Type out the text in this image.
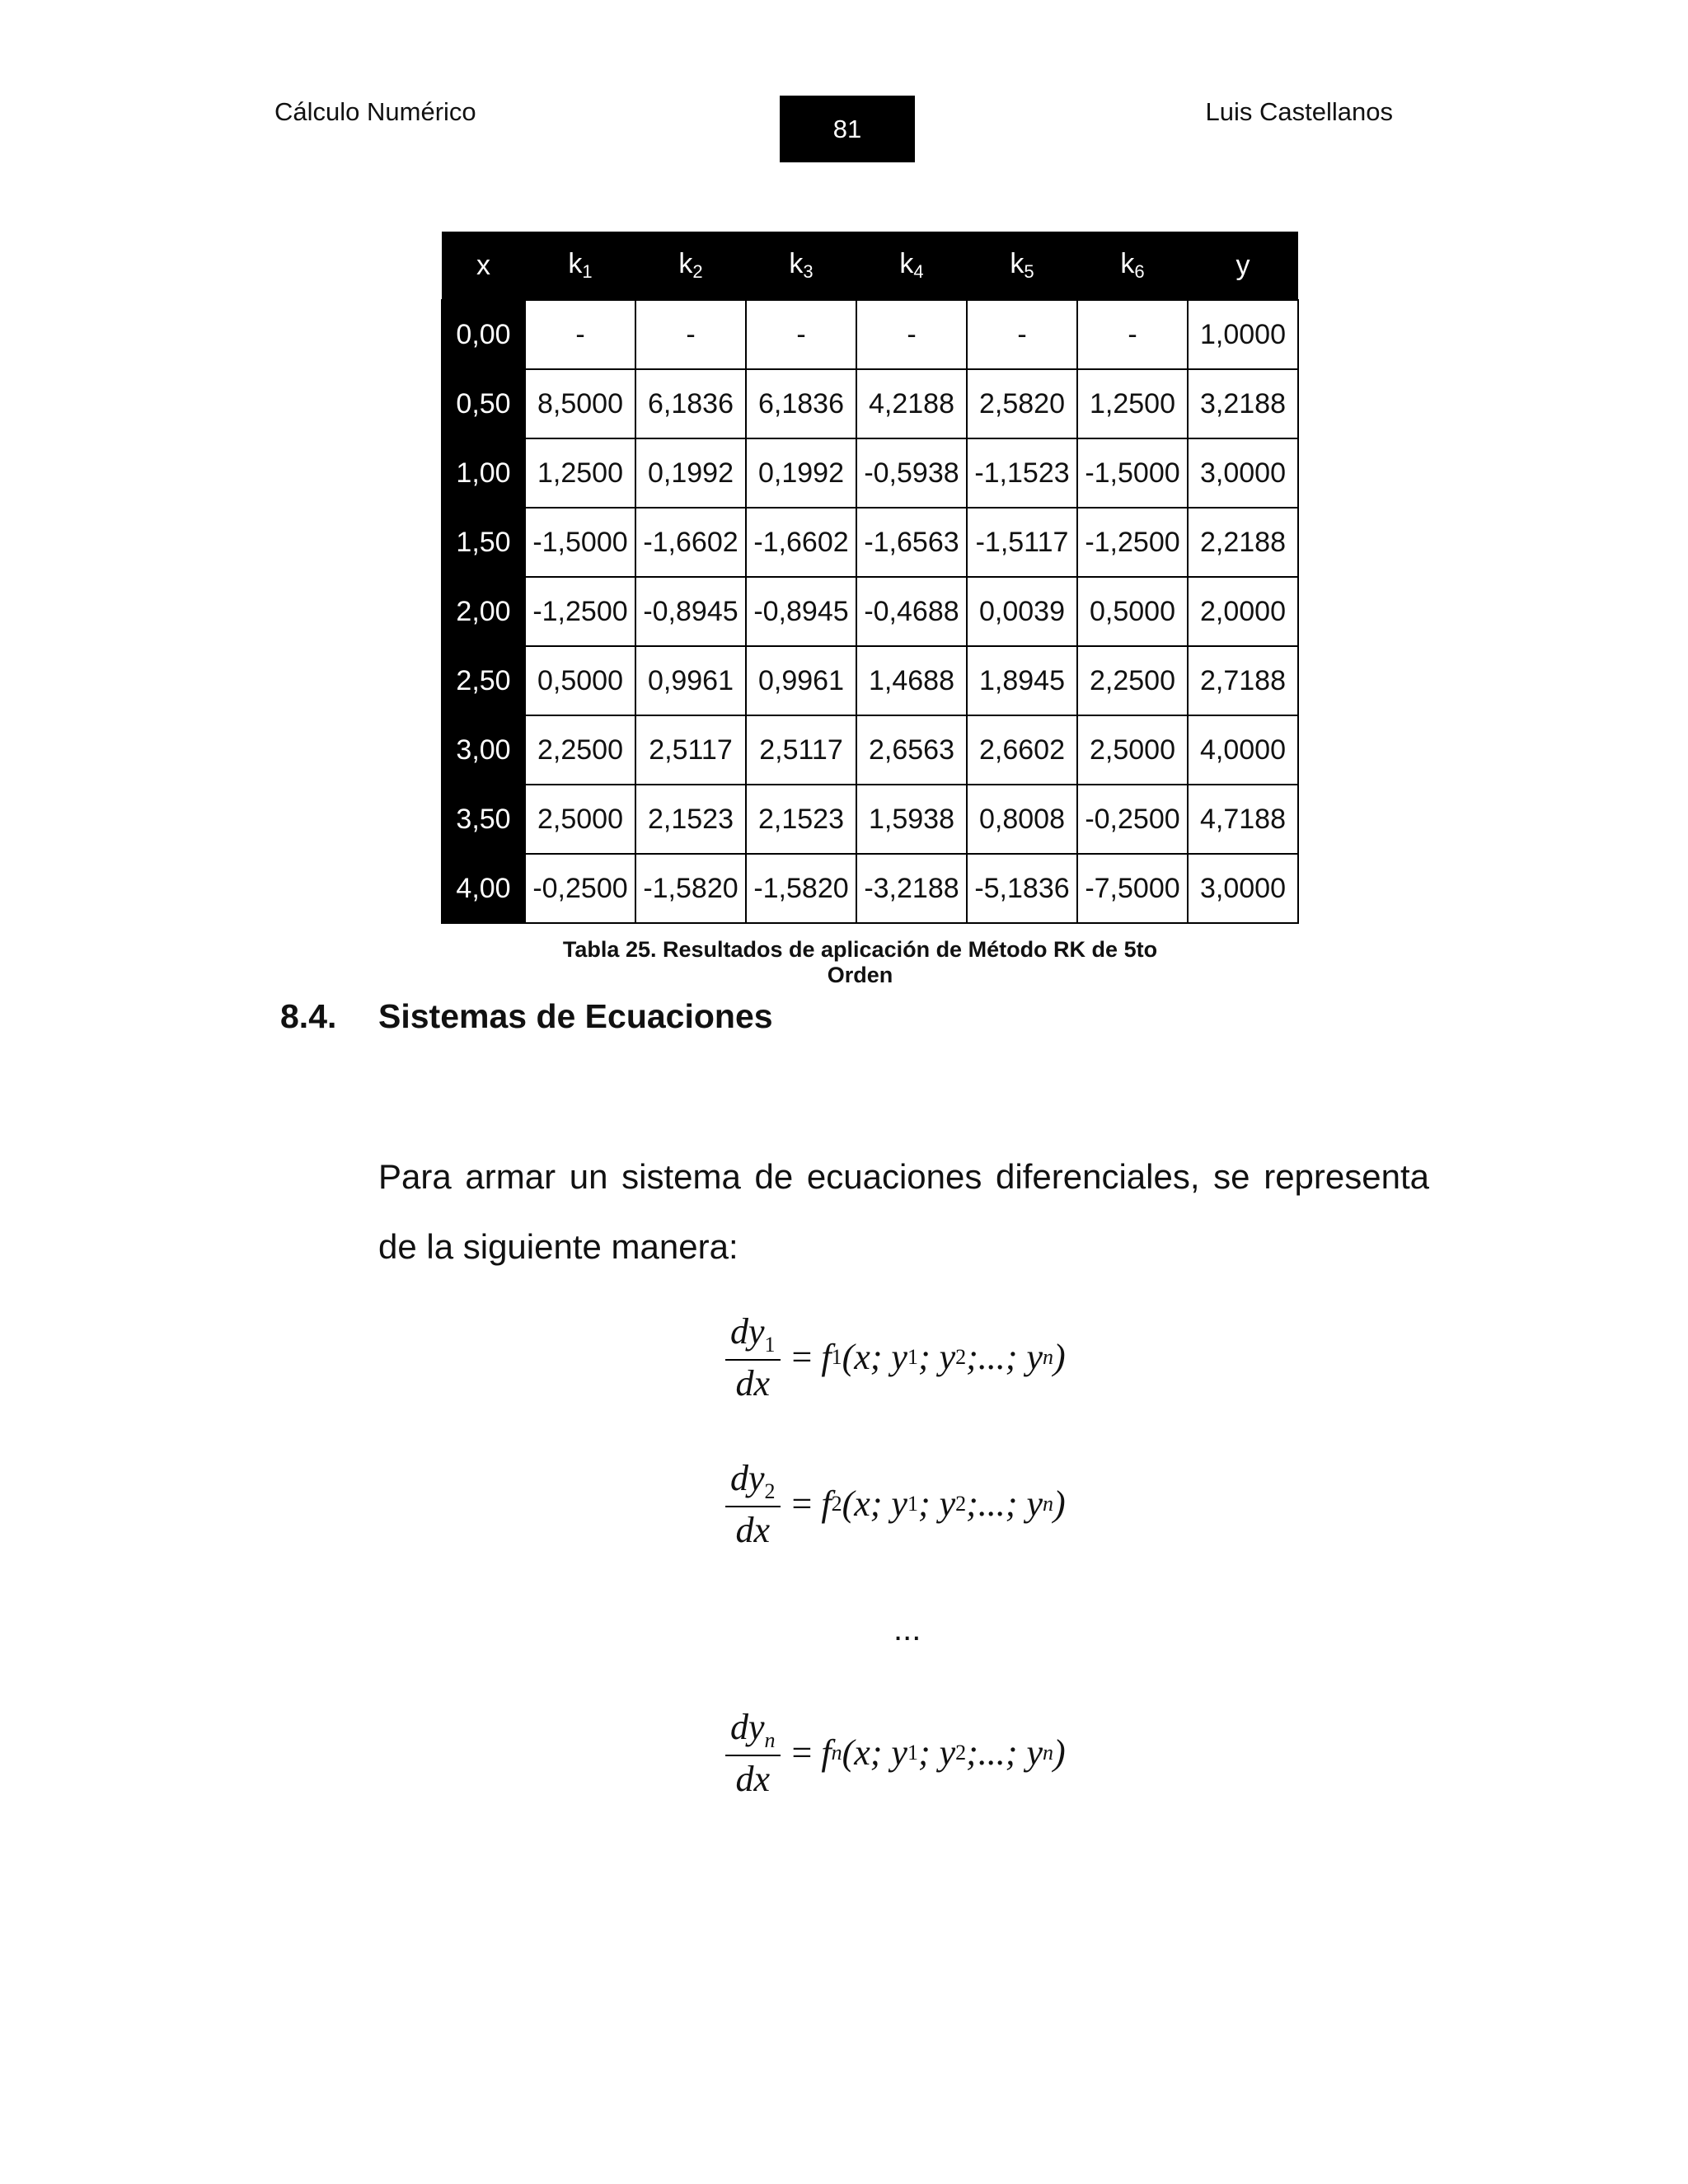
Cálculo Numérico
81
Luis Castellanos
x	$k_1$	$k_2$	$k_3$	$k_4$	$k_5$	$k_6$	y
0,00	-	-	-	-	-	-	1,0000
0,50	8,5000	6,1836	6,1836	4,2188	2,5820	1,2500	3,2188
1,00	1,2500	0,1992	0,1992	-0,5938	-1,1523	-1,5000	3,0000
1,50	-1,5000	-1,6602	-1,6602	-1,6563	-1,5117	-1,2500	2,2188
2,00	-1,2500	-0,8945	-0,8945	-0,4688	0,0039	0,5000	2,0000
2,50	0,5000	0,9961	0,9961	1,4688	1,8945	2,2500	2,7188
3,00	2,2500	2,5117	2,5117	2,6563	2,6602	2,5000	4,0000
3,50	2,5000	2,1523	2,1523	1,5938	0,8008	-0,2500	4,7188
4,00	-0,2500	-1,5820	-1,5820	-3,2188	-5,1836	-7,5000	3,0000
Tabla 25. Resultados de aplicación de Método RK de 5to Orden
8.4. Sistemas de Ecuaciones
Para armar un sistema de ecuaciones diferenciales, se representa de la siguiente manera:
$\frac{dy_1}{dx}$ =
f 1 (x; y 1 ; y 2 ;...; y n )
$\frac{dy_2}{dx}$ =
f 2 (x; y 1 ; y 2 ;...; y n )
...
$\frac{dy_n}{dx}$ =
f n (x; y 1 ; y 2 ;...; y n )
